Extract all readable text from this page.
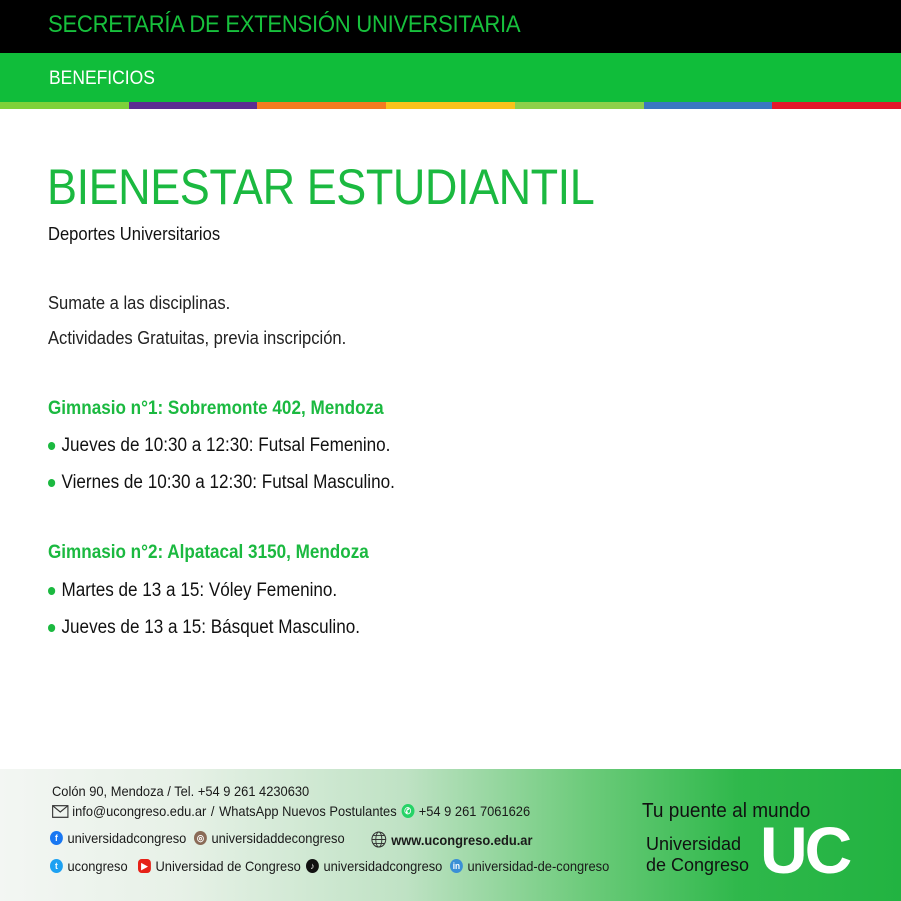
SECRETARÍA DE EXTENSIÓN UNIVERSITARIA
BENEFICIOS
BIENESTAR ESTUDIANTIL
Deportes Universitarios
Sumate a las disciplinas.
Actividades Gratuitas, previa inscripción.
Gimnasio n°1: Sobremonte 402, Mendoza
Jueves de 10:30 a 12:30: Futsal Femenino.
Viernes de 10:30 a 12:30: Futsal Masculino.
Gimnasio n°2: Alpatacal 3150, Mendoza
Martes de 13 a 15: Vóley Femenino.
Jueves de 13 a 15: Básquet Masculino.
Colón 90, Mendoza / Tel. +54 9 261 4230630
info@ucongreso.edu.ar / WhatsApp Nuevos Postulantes ✆ +54 9 261 7061626
f universidadcongreso	◎ universidaddecongreso	www.ucongreso.edu.ar
t ucongreso	▶ Universidad de Congreso	♪ universidadcongreso	in universidad-de-congreso
Tu puente al mundo
Universidad
de Congreso UC
